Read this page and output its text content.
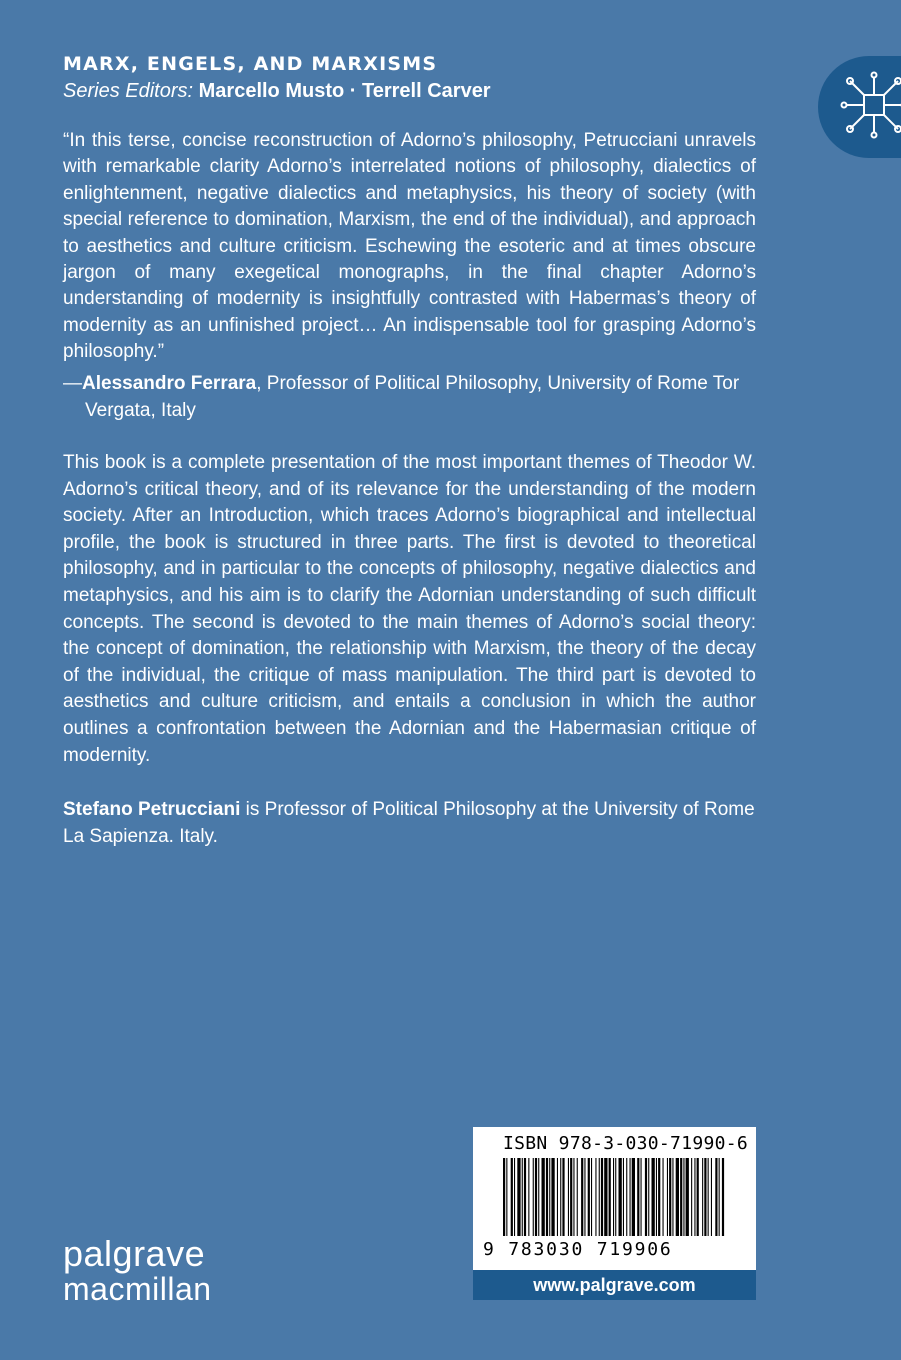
MARX, ENGELS, AND MARXISMS
Series Editors: Marcello Musto · Terrell Carver

“In this terse, concise reconstruction of Adorno’s philosophy, Petrucciani unravels with remarkable clarity Adorno’s interrelated notions of philosophy, dialectics of enlightenment, negative dialectics and metaphysics, his theory of society (with special reference to domination, Marxism, the end of the individual), and approach to aesthetics and culture criticism. Eschewing the esoteric and at times obscure jargon of many exegetical monographs, in the final chapter Adorno’s understanding of modernity is insightfully contrasted with Habermas’s theory of modernity as an unfinished project… An indispensable tool for grasping Adorno’s philosophy.”

—Alessandro Ferrara, Professor of Political Philosophy, University of Rome Tor Vergata, Italy

This book is a complete presentation of the most important themes of Theodor W. Adorno’s critical theory, and of its relevance for the understanding of the modern society. After an Introduction, which traces Adorno’s biographical and intellectual profile, the book is structured in three parts. The first is devoted to theoretical philosophy, and in particular to the concepts of philosophy, negative dialectics and metaphysics, and his aim is to clarify the Adornian understanding of such difficult concepts. The second is devoted to the main themes of Adorno’s social theory: the concept of domination, the relationship with Marxism, the theory of the decay of the individual, the critique of mass manipulation. The third part is devoted to aesthetics and culture criticism, and entails a conclusion in which the author outlines a confrontation between the Adornian and the Habermasian critique of modernity.

Stefano Petrucciani is Professor of Political Philosophy at the University of Rome La Sapienza. Italy.

palgrave
macmillan
ISBN 978-3-030-71990-6
9 783030 719906
www.palgrave.com
